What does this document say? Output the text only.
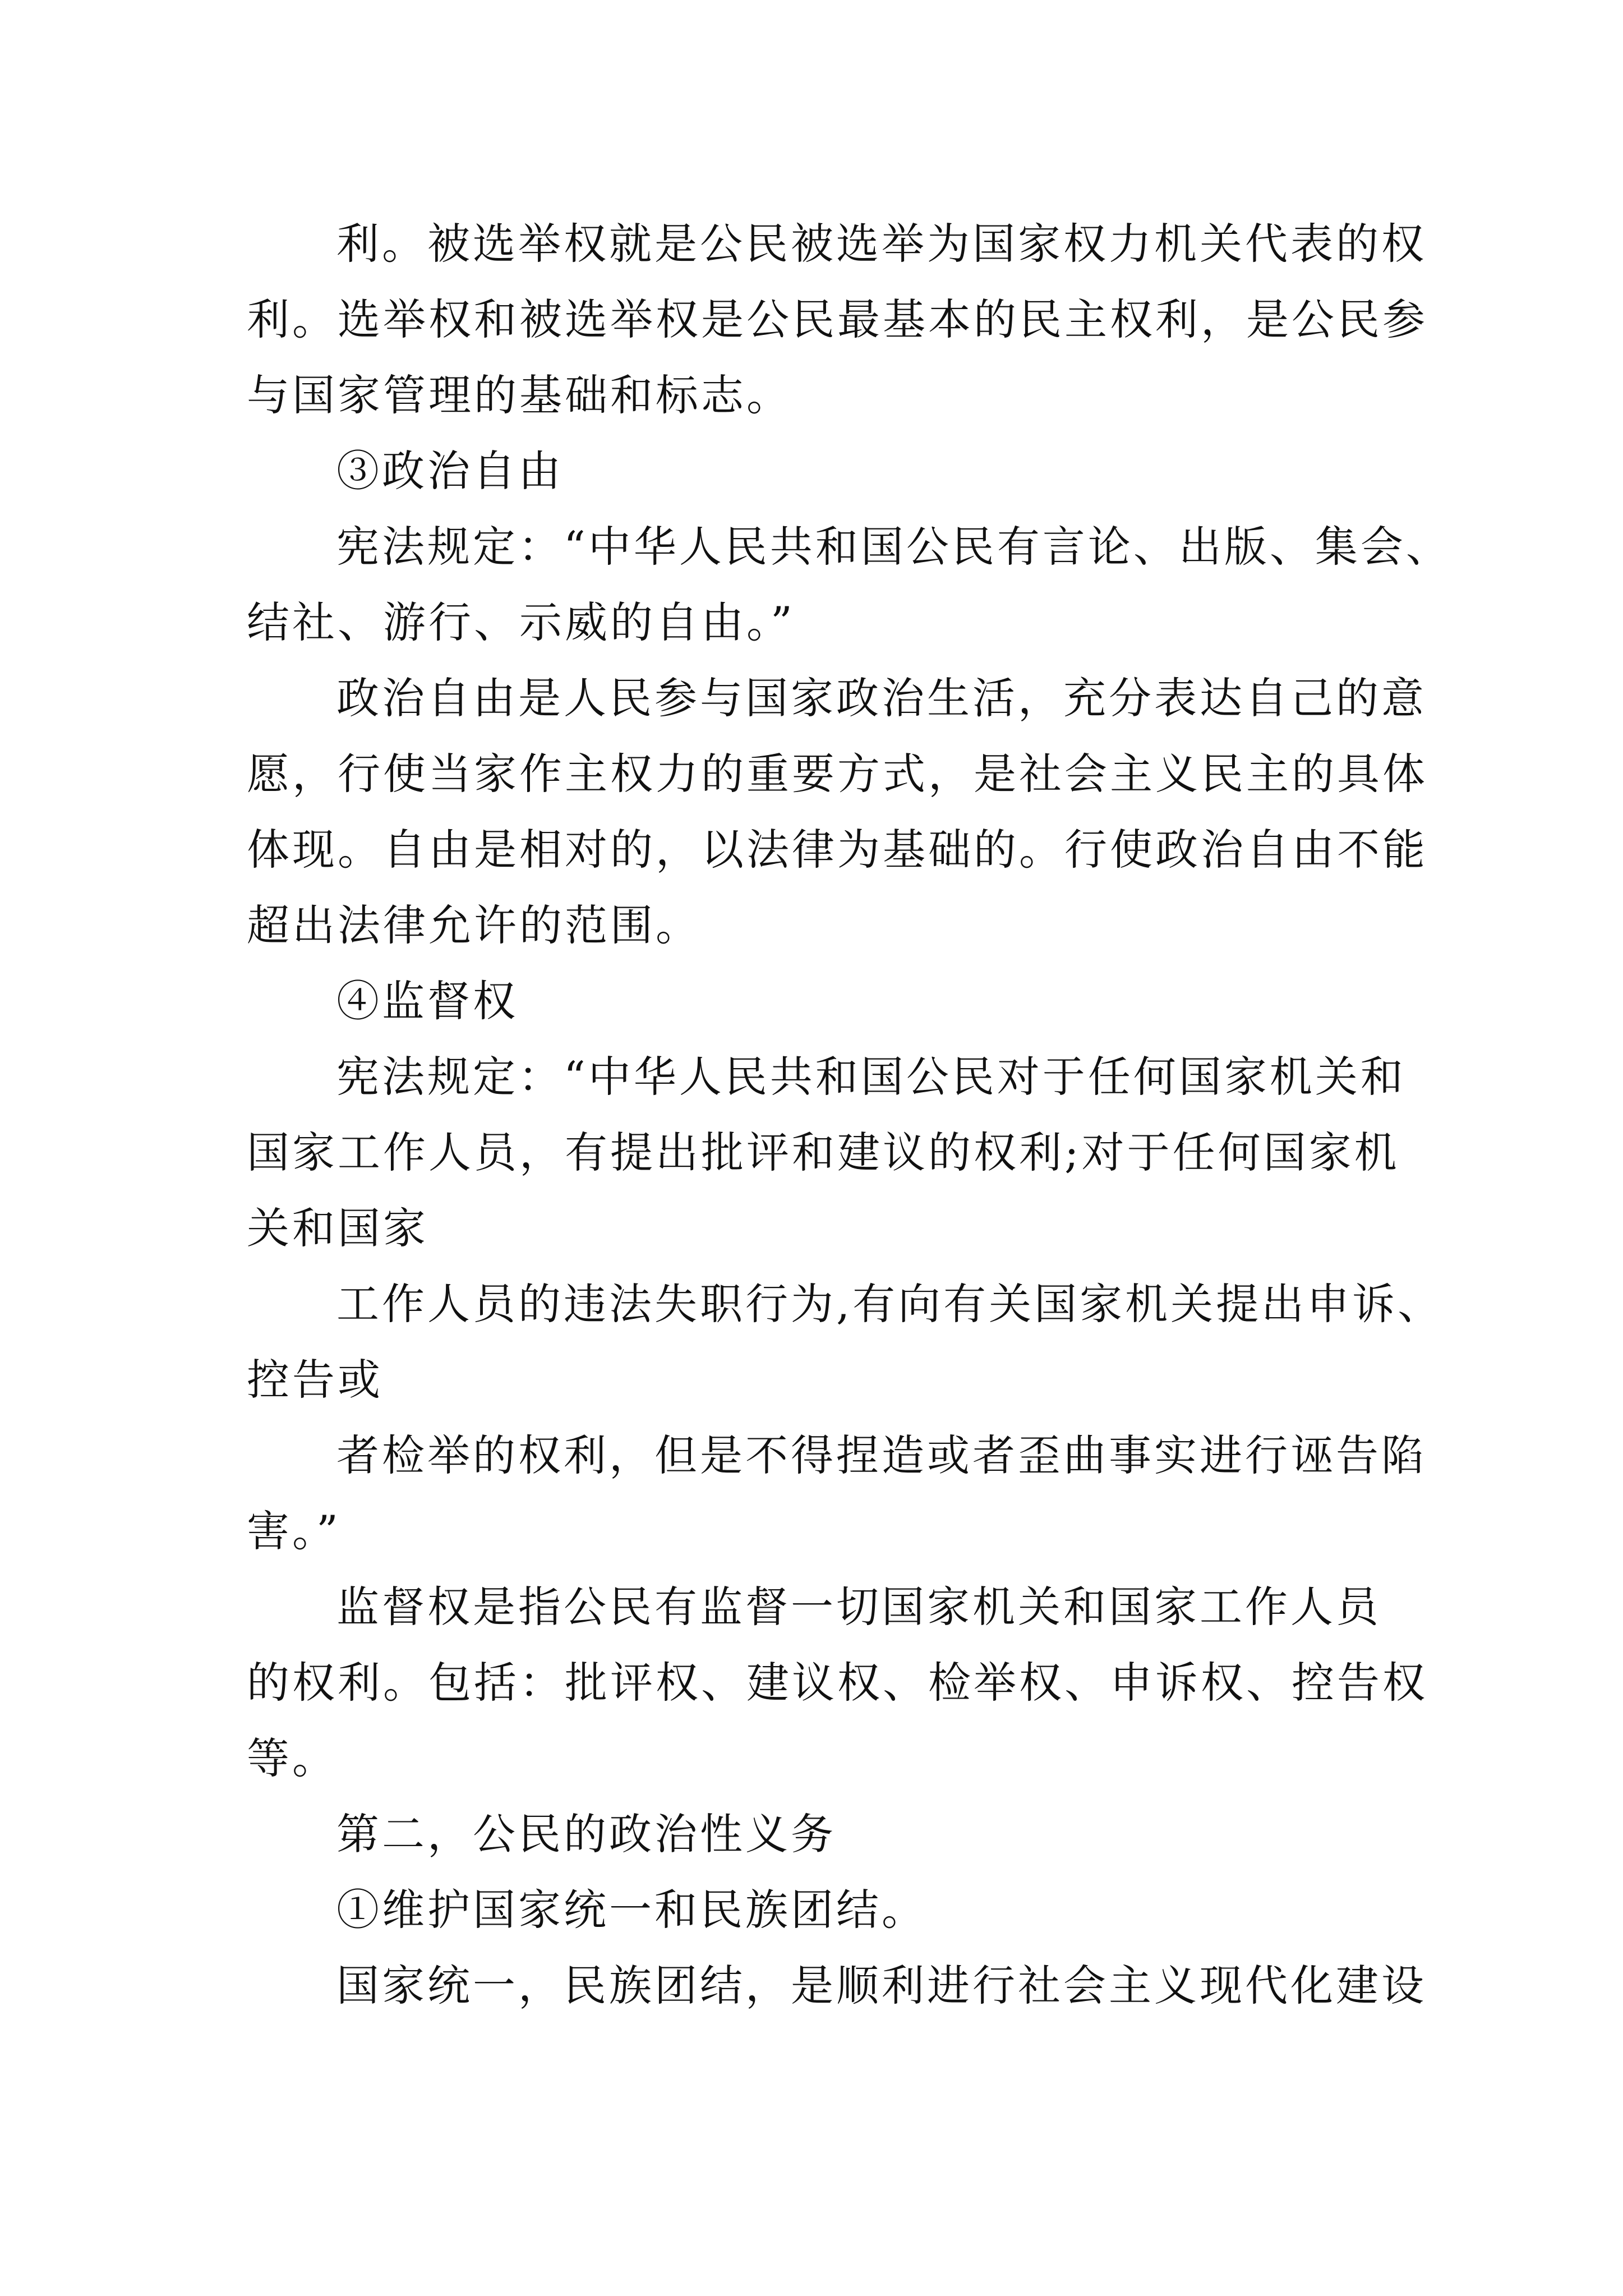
利。被选举权就是公民被选举为国家权力机关代表的权
利。选举权和被选举权是公民最基本的民主权利，是公民参
与国家管理的基础和标志。
③政治自由
宪法规定：“中华人民共和国公民有言论、出版、集会、
结社、游行、示威的自由。”
政治自由是人民参与国家政治生活，充分表达自己的意
愿，行使当家作主权力的重要方式，是社会主义民主的具体
体现。自由是相对的，以法律为基础的。行使政治自由不能
超出法律允许的范围。
④监督权
宪法规定：“中华人民共和国公民对于任何国家机关和
国家工作人员，有提出批评和建议的权利;对于任何国家机
关和国家
工作人员的违法失职行为,有向有关国家机关提出申诉、
控告或
者检举的权利，但是不得捏造或者歪曲事实进行诬告陷
害。”
监督权是指公民有监督一切国家机关和国家工作人员
的权利。包括：批评权、建议权、检举权、申诉权、控告权
等。
第二，公民的政治性义务
①维护国家统一和民族团结。
国家统一，民族团结，是顺利进行社会主义现代化建设
